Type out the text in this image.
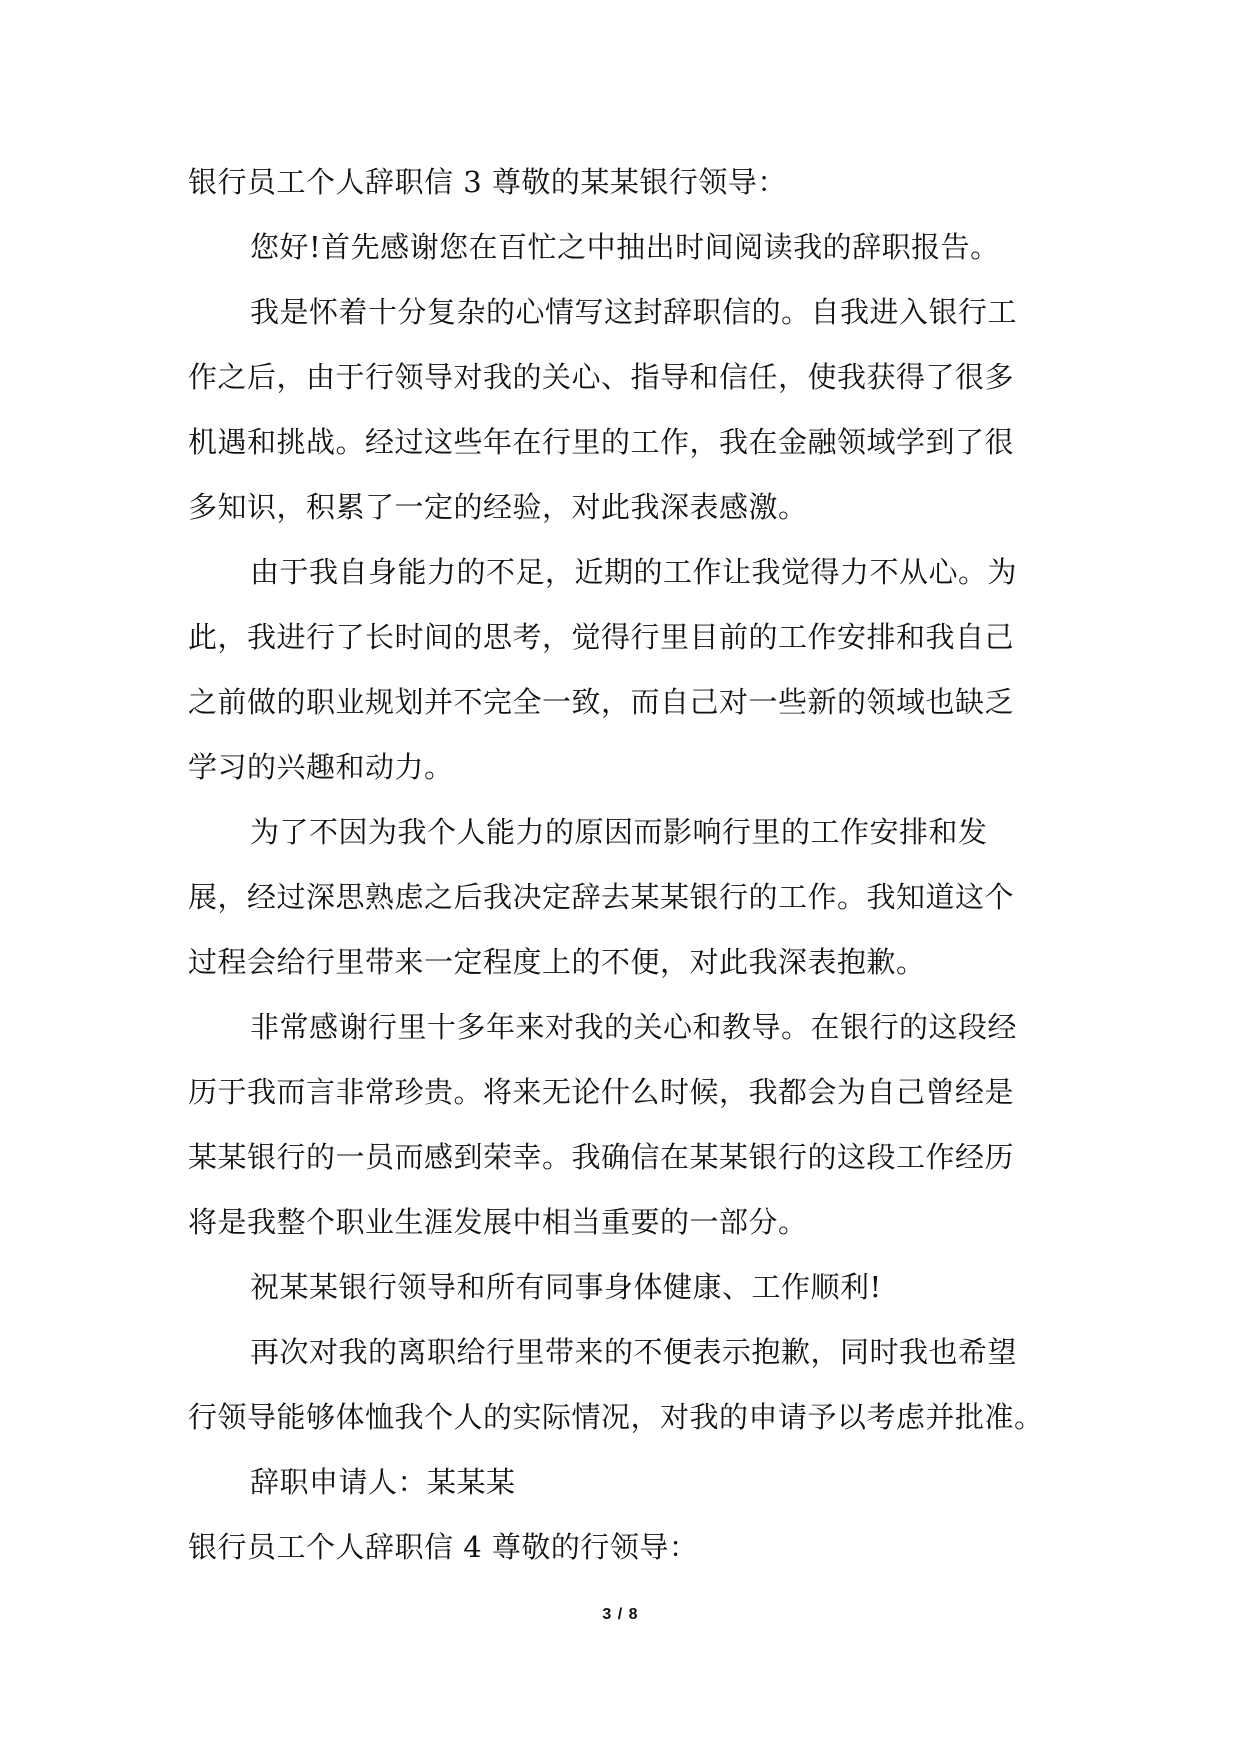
银行员工个人辞职信 3 尊敬的某某银行领导：
您好!首先感谢您在百忙之中抽出时间阅读我的辞职报告。
我是怀着十分复杂的心情写这封辞职信的。自我进入银行工
作之后，由于行领导对我的关心、指导和信任，使我获得了很多
机遇和挑战。经过这些年在行里的工作，我在金融领域学到了很
多知识，积累了一定的经验，对此我深表感激。
由于我自身能力的不足，近期的工作让我觉得力不从心。为
此，我进行了长时间的思考，觉得行里目前的工作安排和我自己
之前做的职业规划并不完全一致，而自己对一些新的领域也缺乏
学习的兴趣和动力。
为了不因为我个人能力的原因而影响行里的工作安排和发
展，经过深思熟虑之后我决定辞去某某银行的工作。我知道这个
过程会给行里带来一定程度上的不便，对此我深表抱歉。
非常感谢行里十多年来对我的关心和教导。在银行的这段经
历于我而言非常珍贵。将来无论什么时候，我都会为自己曾经是
某某银行的一员而感到荣幸。我确信在某某银行的这段工作经历
将是我整个职业生涯发展中相当重要的一部分。
祝某某银行领导和所有同事身体健康、工作顺利!
再次对我的离职给行里带来的不便表示抱歉，同时我也希望
行领导能够体恤我个人的实际情况，对我的申请予以考虑并批准。
辞职申请人：某某某
银行员工个人辞职信 4 尊敬的行领导：
3 / 8
